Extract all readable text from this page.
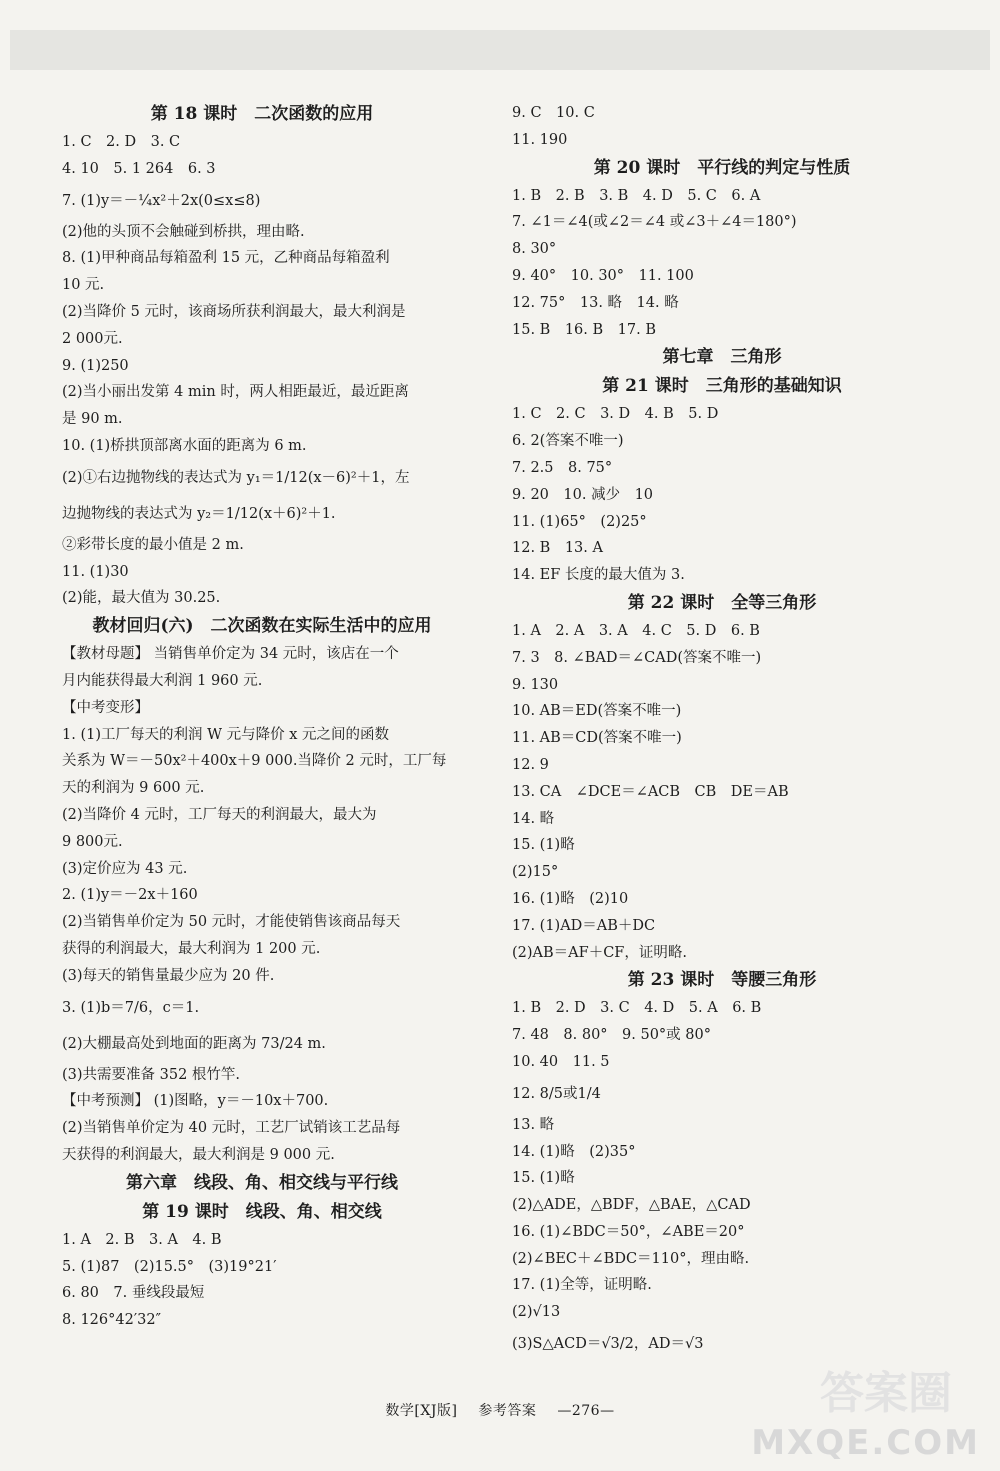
第 18 课时　二次函数的应用
1. C　2. D　3. C
4. 10　5. 1 264　6. 3
7. (1)y＝－¼x²＋2x(0≤x≤8)
(2)他的头顶不会触碰到桥拱，理由略.
8. (1)甲种商品每箱盈利 15 元，乙种商品每箱盈利
10 元.
(2)当降价 5 元时，该商场所获利润最大，最大利润是
2 000元.
9. (1)250
(2)当小丽出发第 4 min 时，两人相距最近，最近距离
是 90 m.
10. (1)桥拱顶部离水面的距离为 6 m.
(2)①右边抛物线的表达式为 y₁＝1/12(x－6)²＋1，左
边抛物线的表达式为 y₂＝1/12(x＋6)²＋1.
②彩带长度的最小值是 2 m.
11. (1)30
(2)能，最大值为 30.25.
教材回归(六)　二次函数在实际生活中的应用
【教材母题】 当销售单价定为 34 元时，该店在一个
月内能获得最大利润 1 960 元.
【中考变形】
1. (1)工厂每天的利润 W 元与降价 x 元之间的函数
关系为 W＝－50x²＋400x＋9 000.当降价 2 元时，工厂每
天的利润为 9 600 元.
(2)当降价 4 元时，工厂每天的利润最大，最大为
9 800元.
(3)定价应为 43 元.
2. (1)y＝－2x＋160
(2)当销售单价定为 50 元时，才能使销售该商品每天
获得的利润最大，最大利润为 1 200 元.
(3)每天的销售量最少应为 20 件.
3. (1)b＝7/6，c＝1.
(2)大棚最高处到地面的距离为 73/24 m.
(3)共需要准备 352 根竹竿.
【中考预测】 (1)图略，y＝－10x＋700.
(2)当销售单价定为 40 元时，工艺厂试销该工艺品每
天获得的利润最大，最大利润是 9 000 元.
第六章　线段、角、相交线与平行线
第 19 课时　线段、角、相交线
1. A　2. B　3. A　4. B
5. (1)87　(2)15.5°　(3)19°21′
6. 80　7. 垂线段最短
8. 126°42′32″
9. C　10. C
11. 190
第 20 课时　平行线的判定与性质
1. B　2. B　3. B　4. D　5. C　6. A
7. ∠1＝∠4(或∠2＝∠4 或∠3＋∠4＝180°)
8. 30°
9. 40°　10. 30°　11. 100
12. 75°　13. 略　14. 略
15. B　16. B　17. B
第七章　三角形
第 21 课时　三角形的基础知识
1. C　2. C　3. D　4. B　5. D
6. 2(答案不唯一)
7. 2.5　8. 75°
9. 20　10. 减少　10
11. (1)65°　(2)25°
12. B　13. A
14. EF 长度的最大值为 3.
第 22 课时　全等三角形
1. A　2. A　3. A　4. C　5. D　6. B
7. 3　8. ∠BAD＝∠CAD(答案不唯一)
9. 130
10. AB＝ED(答案不唯一)
11. AB＝CD(答案不唯一)
12. 9
13. CA　∠DCE＝∠ACB　CB　DE＝AB
14. 略
15. (1)略
(2)15°
16. (1)略　(2)10
17. (1)AD＝AB＋DC
(2)AB＝AF＋CF，证明略.
第 23 课时　等腰三角形
1. B　2. D　3. C　4. D　5. A　6. B
7. 48　8. 80°　9. 50°或 80°
10. 40　11. 5
12. 8/5或1/4
13. 略
14. (1)略　(2)35°
15. (1)略
(2)△ADE，△BDF，△BAE，△CAD
16. (1)∠BDC＝50°，∠ABE＝20°
(2)∠BEC＋∠BDC＝110°，理由略.
17. (1)全等，证明略.
(2)√13
(3)S△ACD＝√3/2，AD＝√3
数学[XJ版] 参考答案 —276—	答案圈
MXQE.COM
